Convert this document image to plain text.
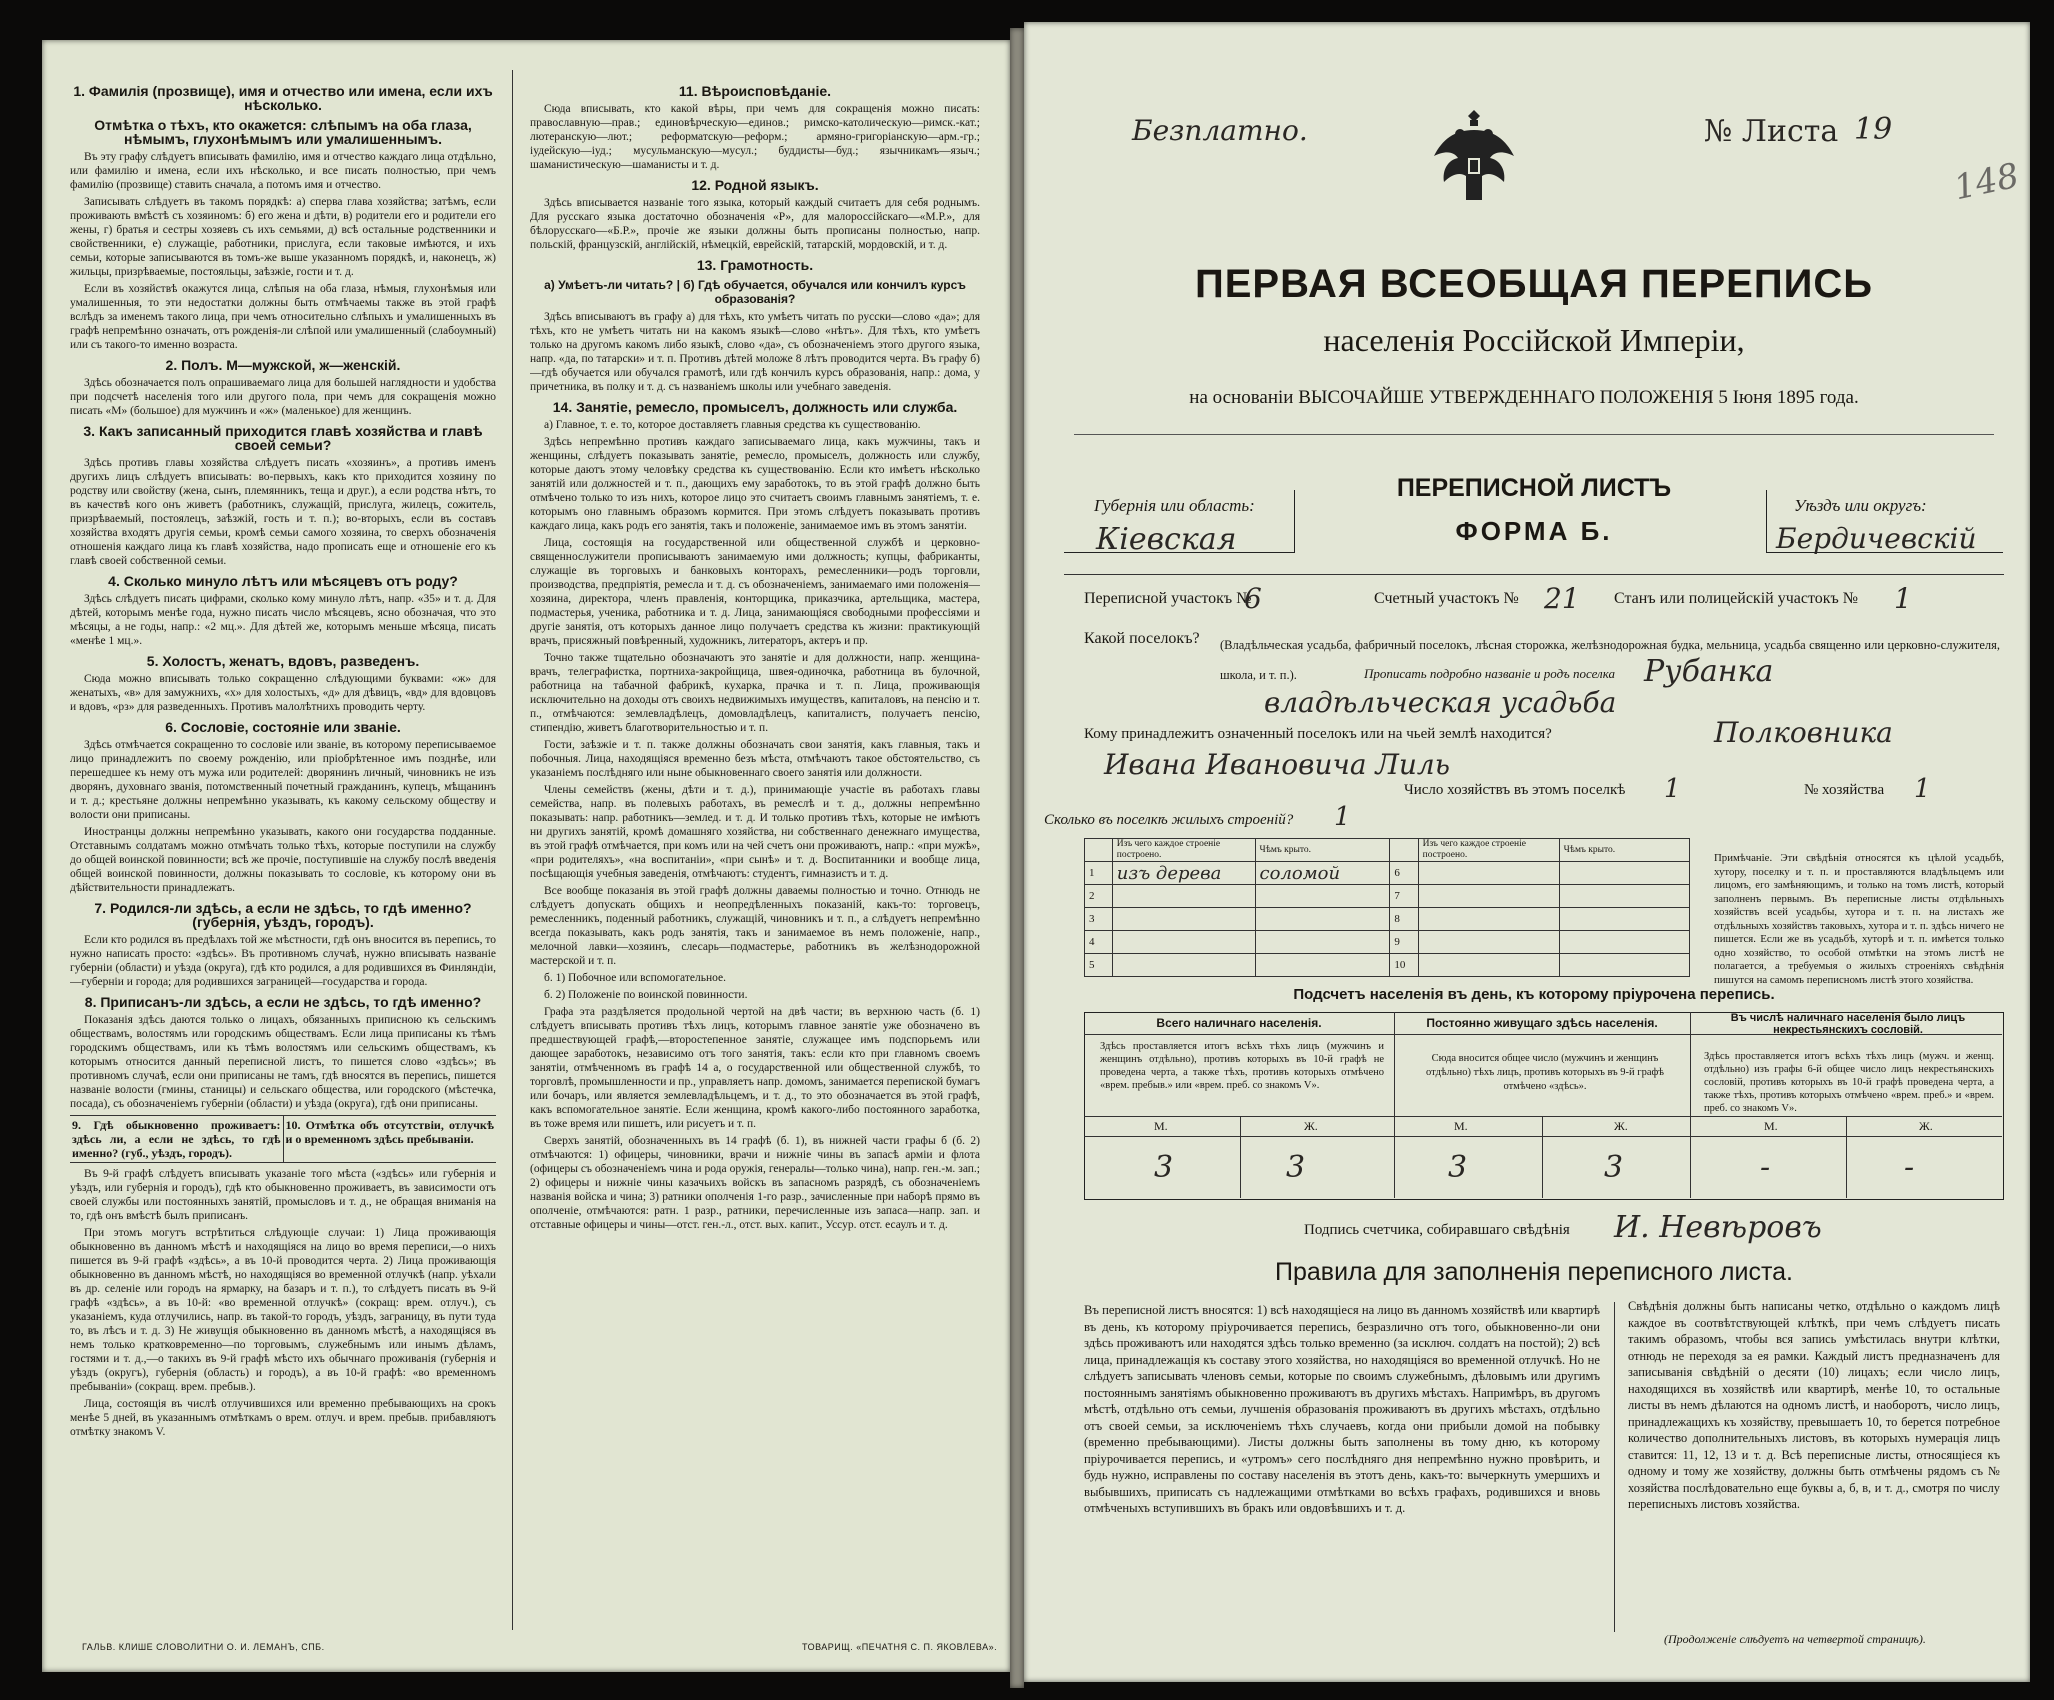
1. Фамилія (прозвище), имя и отчество или имена, если ихъ нѣсколько.
Отмѣтка о тѣхъ, кто окажется: слѣпымъ на оба глаза, нѣмымъ, глухонѣмымъ или умалишеннымъ.

Въ эту графу слѣдуетъ вписывать фамилію, имя и отчество каждаго лица отдѣльно, или фамилію и имена, если ихъ нѣсколько, и все писать полностью, при чемъ фамилію (прозвище) ставить сначала, а потомъ имя и отчество.

Записывать слѣдуетъ въ такомъ порядкѣ: а) сперва глава хозяйства; затѣмъ, если проживають вмѣстѣ съ хозяиномъ: б) его жена и дѣти, в) родители его и родители его жены, г) братья и сестры хозяевъ съ ихъ семьями, д) всѣ остальные родственники и свойственники, е) служащіе, работники, прислуга, если таковые имѣются, и ихъ семьи, которые записываются въ томъ-же выше указанномъ порядкѣ, и, наконецъ, ж) жильцы, призрѣваемые, постояльцы, заѣзжіе, гости и т. д.

Если въ хозяйствѣ окажутся лица, слѣпыя на оба глаза, нѣмыя, глухонѣмыя или умалишенныя, то эти недостатки должны быть отмѣчаемы также въ этой графѣ вслѣдъ за именемъ такого лица, при чемъ относительно слѣпыхъ и умалишенныхъ въ графѣ непремѣнно означать, отъ рожденія-ли слѣпой или умалишенный (слабоумный) или съ такого-то именно возраста.

2. Полъ. М—мужской, ж—женскій.

Здѣсь обозначается полъ опрашиваемаго лица для большей наглядности и удобства при подсчетѣ населенія того или другого пола, при чемъ для сокращенія можно писать «М» (большое) для мужчинъ и «ж» (маленькое) для женщинъ.

3. Какъ записанный приходится главѣ хозяйства и главѣ своей семьи?

Здѣсь противъ главы хозяйства слѣдуетъ писать «хозяинъ», а противъ именъ другихъ лицъ слѣдуетъ вписывать: во-первыхъ, какъ кто приходится хозяину по родству или свойству (жена, сынъ, племянникъ, теща и друг.), а если родства нѣтъ, то въ качествѣ кого онъ живетъ (работникъ, служащій, прислуга, жилецъ, сожитель, призрѣваемый, постоялецъ, заѣзжій, гость и т. п.); во-вторыхъ, если въ составъ хозяйства входятъ другія семьи, кромѣ семьи самого хозяина, то сверхъ обозначенія отношенія каждаго лица къ главѣ хозяйства, надо прописать еще и отношеніе его къ главѣ своей собственной семьи.

4. Сколько минуло лѣтъ или мѣсяцевъ отъ роду?

Здѣсь слѣдуетъ писать цифрами, сколько кому минуло лѣтъ, напр. «35» и т. д. Для дѣтей, которымъ менѣе года, нужно писать число мѣсяцевъ, ясно обозначая, что это мѣсяцы, а не годы, напр.: «2 мц.». Для дѣтей же, которымъ меньше мѣсяца, писать «менѣе 1 мц.».

5. Холостъ, женатъ, вдовъ, разведенъ.

Сюда можно вписывать только сокращенно слѣдующими буквами: «ж» для женатыхъ, «в» для замужнихъ, «х» для холостыхъ, «д» для дѣвицъ, «вд» для вдовцовъ и вдовъ, «рз» для разведенныхъ. Противъ малолѣтнихъ проводить черту.

6. Сословіе, состояніе или званіе.

Здѣсь отмѣчается сокращенно то сословіе или званіе, въ которому переписываемое лицо принадлежитъ по своему рожденію, или пріобрѣтенное имъ позднѣе, или перешедшее къ нему отъ мужа или родителей: дворянинъ личный, чиновникъ не изъ дворянъ, духовнаго званія, потомственный почетный гражданинъ, купецъ, мѣщанинъ и т. д.; крестьяне должны непремѣнно указывать, къ какому сельскому обществу и волости они приписаны.

Иностранцы должны непремѣнно указывать, какого они государства подданные. Отставнымъ солдатамъ можно отмѣчать только тѣхъ, которые поступили на службу до общей воинской повинности; всѣ же прочіе, поступившіе на службу послѣ введенія общей воинской повинности, должны показывать то сословіе, къ которому они въ дѣйствительности принадлежатъ.

7. Родился-ли здѣсь, а если не здѣсь, то гдѣ именно? (губернія, уѣздъ, городъ).

Если кто родился въ предѣлахъ той же мѣстности, гдѣ онъ вносится въ перепись, то нужно написать просто: «здѣсь». Въ противномъ случаѣ, нужно вписывать названіе губерніи (области) и уѣзда (округа), гдѣ кто родился, а для родившихся въ Финляндіи,—губерніи и города; для родившихся заграницей—государства и города.

8. Приписанъ-ли здѣсь, а если не здѣсь, то гдѣ именно?

Показанія здѣсь даются только о лицахъ, обязанныхъ приписною къ сельскимъ обществамъ, волостямъ или городскимъ обществамъ. Если лица приписаны къ тѣмъ городскимъ обществамъ, или къ тѣмъ волостямъ или сельскимъ обществамъ, къ которымъ относится данный переписной листъ, то пишется слово «здѣсь»; въ противномъ случаѣ, если они приписаны не тамъ, гдѣ вносятся въ перепись, пишется названіе волости (гмины, станицы) и сельскаго общества, или городского (мѣстечка, посада), съ обозначеніемъ губерніи (области) и уѣзда (округа), гдѣ они приписаны.

9. Гдѣ обыкновенно проживаетъ: здѣсь ли, а если не здѣсь, то гдѣ именно? (губ., уѣздъ, городъ).
10. Отмѣтка объ отсутствіи, отлучкѣ и о временномъ здѣсь пребываніи.

Въ 9-й графѣ слѣдуетъ вписывать указаніе того мѣста («здѣсь» или губернія и уѣздъ, или губернія и городъ), гдѣ кто обыкновенно проживаетъ, въ зависимости отъ своей службы или постоянныхъ занятій, промысловъ и т. д., не обращая вниманія на то, гдѣ онъ вмѣстѣ былъ приписанъ.

При этомъ могутъ встрѣтиться слѣдующіе случаи: 1) Лица проживающія обыкновенно въ данномъ мѣстѣ и находящіяся на лицо во время переписи,—о нихъ пишется въ 9-й графѣ «здѣсь», а въ 10-й проводится черта. 2) Лица проживающія обыкновенно въ данномъ мѣстѣ, но находящіяся во временной отлучкѣ (напр. уѣхали въ др. селеніе или городъ на ярмарку, на базаръ и т. п.), то слѣдуетъ писать въ 9-й графѣ «здѣсь», а въ 10-й: «во временной отлучкѣ» (сокращ: врем. отлуч.), съ указаніемъ, куда отлучились, напр. въ такой-то городъ, уѣздъ, заграницу, въ пути туда то, въ лѣсъ и т. д. 3) Не живущія обыкновенно въ данномъ мѣстѣ, а находящіяся въ немъ только кратковременно—по торговымъ, служебнымъ или инымъ дѣламъ, гостями и т. д.,—о такихъ въ 9-й графѣ мѣсто ихъ обычнаго проживанія (губернія и уѣздъ (округъ), губернія (область) и городъ), а въ 10-й графѣ: «во временномъ пребываніи» (сокращ. врем. пребыв.).

Лица, состоящія въ числѣ отлучившихся или временно пребывающихъ на срокъ менѣе 5 дней, въ указаннымъ отмѣткамъ о врем. отлуч. и врем. пребыв. прибавляютъ отмѣтку знакомъ V.

11. Вѣроисповѣданіе.

Сюда вписывать, кто какой вѣры, при чемъ для сокращенія можно писать: православную—прав.; единовѣрческую—единов.; римско-католическую—римск.-кат.; лютеранскую—лют.; реформатскую—реформ.; армяно-григоріанскую—арм.-гр.; іудейскую—іуд.; мусульманскую—мусул.; буддисты—буд.; язычникамъ—языч.; шаманистическую—шаманисты и т. д.

12. Родной языкъ.

Здѣсь вписывается названіе того языка, который каждый считаетъ для себя роднымъ. Для русскаго языка достаточно обозначенія «Р», для малороссійскаго—«М.Р.», для бѣлорусскаго—«Б.Р.», прочіе же языки должны быть прописаны полностью, напр. польскій, французскій, англійскій, нѣмецкій, еврейскій, татарскій, мордовскій, и т. д.

13. Грамотность.
а) Умѣетъ-ли читать? | б) Гдѣ обучается, обучался или кончилъ курсъ образованія?

Здѣсь вписываютъ въ графу а) для тѣхъ, кто умѣетъ читать по русски—слово «да»; для тѣхъ, кто не умѣетъ читать ни на какомъ языкѣ—слово «нѣтъ». Для тѣхъ, кто умѣетъ только на другомъ какомъ либо языкѣ, слово «да», съ обозначеніемъ этого другого языка, напр. «да, по татарски» и т. п. Противъ дѣтей моложе 8 лѣтъ проводится черта. Въ графу б)—гдѣ обучается или обучался грамотѣ, или гдѣ кончилъ курсъ образованія, напр.: дома, у причетника, въ полку и т. д. съ названіемъ школы или учебнаго заведенія.

14. Занятіе, ремесло, промыселъ, должность или служба.

а) Главное, т. е. то, которое доставляетъ главныя средства къ существованію.

Здѣсь непремѣнно противъ каждаго записываемаго лица, какъ мужчины, такъ и женщины, слѣдуетъ показывать занятіе, ремесло, промыселъ, должность или службу, которые даютъ этому человѣку средства къ существованію. Если кто имѣетъ нѣсколько занятій или должностей и т. п., дающихъ ему заработокъ, то въ этой графѣ должно быть отмѣчено только то изъ нихъ, которое лицо это считаетъ своимъ главнымъ занятіемъ, т. е. которымъ оно главнымъ образомъ кормится. При этомъ слѣдуетъ показывать противъ каждаго лица, какъ родъ его занятія, такъ и положеніе, занимаемое имъ въ этомъ занятіи.

Лица, состоящія на государственной или общественной службѣ и церковно-священнослужители прописываютъ занимаемую ими должность; купцы, фабриканты, служащіе въ торговыхъ и банковыхъ конторахъ, ремесленники—родъ торговли, производства, предпріятія, ремесла и т. д. съ обозначеніемъ, занимаемаго ими положенія—хозяина, директора, членъ правленія, конторщика, приказчика, артельщика, мастера, подмастерья, ученика, работника и т. д. Лица, занимающіяся свободными профессіями и другіе занятія, отъ которыхъ данное лицо получаетъ средства къ жизни: практикующій врачъ, присяжный повѣренный, художникъ, литераторъ, актеръ и пр.

Точно также тщательно обозначаютъ это занятіе и для должности, напр. женщина-врачъ, телеграфистка, портниха-закройщица, швея-одиночка, работница въ булочной, работница на табачной фабрикѣ, кухарка, прачка и т. п. Лица, проживающія исключительно на доходы отъ своихъ недвижимыхъ имуществъ, капиталовъ, на пенсію и т. п., отмѣчаются: землевладѣлецъ, домовладѣлецъ, капиталистъ, получаетъ пенсію, стипендію, живетъ благотворительностью и т. п.

Гости, заѣзжіе и т. п. также должны обозначать свои занятія, какъ главныя, такъ и побочныя. Лица, находящіяся временно безъ мѣста, отмѣчаютъ такое обстоятельство, съ указаніемъ послѣдняго или ныне обыкновеннаго своего занятія или должности.

Члены семействъ (жены, дѣти и т. д.), принимающіе участіе въ работахъ главы семейства, напр. въ полевыхъ работахъ, въ ремеслѣ и т. д., должны непремѣнно показывать: напр. работникъ—землед. и т. д. И только противъ тѣхъ, которые не имѣютъ ни другихъ занятій, кромѣ домашняго хозяйства, ни собственнаго денежнаго имущества, въ этой графѣ отмѣчается, при комъ или на чей счетъ они проживаютъ, напр.: «при мужѣ», «при родителяхъ», «на воспитаніи», «при сынѣ» и т. д. Воспитанники и вообще лица, посѣщающія учебныя заведенія, отмѣчаютъ: студентъ, гимназистъ и т. д.

Все вообще показанія въ этой графѣ должны даваемы полностью и точно. Отнюдь не слѣдуетъ допускать общихъ и неопредѣленныхъ показаній, какъ-то: торговецъ, ремесленникъ, поденный работникъ, служащій, чиновникъ и т. п., а слѣдуетъ непремѣнно всегда показывать, какъ родъ занятія, такъ и занимаемое въ немъ положеніе, напр., мелочной лавки—хозяинъ, слесарь—подмастерье, работникъ въ желѣзнодорожной мастерской и т. п.

б. 1) Побочное или вспомогательное.

б. 2) Положеніе по воинской повинности.

Графа эта раздѣляется продольной чертой на двѣ части; въ верхнюю часть (б. 1) слѣдуетъ вписывать противъ тѣхъ лицъ, которымъ главное занятіе уже обозначено въ предшествующей графѣ,—второстепенное занятіе, служащее имъ подспорьемъ или дающее заработокъ, независимо отъ того занятія, такъ: если кто при главномъ своемъ занятіи, отмѣченномъ въ графѣ 14 а, о государственной или общественной службѣ, то торговлѣ, промышленности и пр., управляетъ напр. домомъ, занимается перепиской бумагъ или бочаръ, или является землевладѣльцемъ, и т. д., то это обозначается въ этой графѣ, какъ вспомогательное занятіе. Если женщина, кромѣ какого-либо постоянного заработка, въ тоже время или пишетъ, или рисуетъ и т. п.

Сверхъ занятій, обозначенныхъ въ 14 графѣ (б. 1), въ нижней части графы б (б. 2) отмѣчаются: 1) офицеры, чиновники, врачи и нижніе чины въ запасѣ арміи и флота (офицеры съ обозначеніемъ чина и рода оружія, генералы—только чина), напр. ген.-м. зап.; 2) офицеры и нижніе чины казачьихъ войскъ въ запасномъ разрядѣ, съ обозначеніемъ названія войска и чина; 3) ратники ополченія 1-го разр., зачисленные при наборѣ прямо въ ополченіе, отмѣчаются: ратн. 1 разр., ратники, перечисленные изъ запаса—напр. зап. и отставные офицеры и чины—отст. ген.-л., отст. вых. капит., Уссур. отст. есаулъ и т. д.

ГАЛЬВ. КЛИШЕ СЛОВОЛИТНИ О. И. ЛЕМАНЪ, СПБ.	ТОВАРИЩ. «ПЕЧАТНЯ С. П. ЯКОВЛЕВА».
Безплатно.	№ Листа 19
148
ПЕРВАЯ ВСЕОБЩАЯ ПЕРЕПИСЬ
населенія Россійской Имперіи,
на основаніи ВЫСОЧАЙШЕ УТВЕРЖДЕННАГО ПОЛОЖЕНІЯ 5 Іюня 1895 года.
Губернія или область:
Кіевская
ПЕРЕПИСНОЙ ЛИСТЪ
ФОРМА Б.
Уѣздъ или округъ:
Бердичевскій
Переписной участокъ №
6	Счетный участокъ № 21 Станъ или полицейскій участокъ № 1
Какой поселокъ? (Владѣльческая усадьба, фабричный поселокъ, лѣсная сторожка, желѣзнодорожная будка, мельница, усадьба священно или церковно-служителя, школа, и т. п.).	Прописать подробно названіе и родъ поселка Рубанка
владѣльческая усадьба
Кому принадлежитъ означенный поселокъ или на чьей землѣ находится?	Полковника
Ивана Ивановича Лиль
Число хозяйствъ въ этомъ поселкѣ 1	№ хозяйства 1
Сколько въ поселкѣ жилыхъ строеній? 1
	Изъ чего каждое строеніе построено.	Чѣмъ крыто.		Изъ чего каждое строеніе построено.	Чѣмъ крыто.
1	изъ дерева	соломой	6		
2			7		
3			8		
4			9		
5			10		
Примѣчаніе. Эти свѣдѣнія относятся къ цѣлой усадьбѣ, хутору, поселку и т. п. и проставляются владѣльцемъ или лицомъ, его замѣняющимъ, и только на томъ листѣ, который заполненъ первымъ. Въ переписные листы отдѣльныхъ хозяйствъ всей усадьбы, хутора и т. п. на листахъ же отдѣльныхъ хозяйствъ таковыхъ, хутора и т. п. здѣсь ничего не пишется. Если же въ усадьбѣ, хуторѣ и т. п. имѣется только одно хозяйство, то особой отмѣтки на этомъ листѣ не полагается, а требуемыя о жилыхъ строеніяхъ свѣдѣнія пишутся на самомъ переписномъ листѣ этого хозяйства.
Подсчетъ населенія въ день, къ которому пріурочена перепись.
Всего наличнаго населенія.	Постоянно живущаго здѣсь населенія.	Въ числѣ наличнаго населенія было лицъ некрестьянскихъ сословій.
Здѣсь проставляется итогъ всѣхъ тѣхъ лицъ (мужчинъ и женщинъ отдѣльно), противъ которыхъ въ 10-й графѣ не проведена черта, а также тѣхъ, противъ которыхъ отмѣчено «врем. пребыв.» или «врем. преб. со знакомъ V».
Сюда вносится общее число (мужчинъ и женщинъ отдѣльно) тѣхъ лицъ, противъ которыхъ въ 9-й графѣ отмѣчено «здѣсь».
Здѣсь проставляется итогъ всѣхъ тѣхъ лицъ (мужч. и женщ. отдѣльно) изъ графы 6-й общее число лицъ некрестьянскихъ сословій, противъ которыхъ въ 10-й графѣ проведена черта, а также тѣхъ, противъ которыхъ отмѣчено «врем. преб.» и «врем. преб. со знакомъ V».
М.	Ж.	М.	Ж.	М.	Ж.
3	3	3	3	-	-
Подпись счетчика, собиравшаго свѣдѣнія И. Невѣровъ
Правила для заполненія переписного листа.
Въ переписной листъ вносятся: 1) всѣ находящіеся на лицо въ данномъ хозяйствѣ или квартирѣ въ день, къ которому пріурочивается перепись, безразлично отъ того, обыкновенно-ли они здѣсь проживаютъ или находятся здѣсь только временно (за исключ. солдатъ на постой); 2) всѣ лица, принадлежащія къ составу этого хозяйства, но находящіяся во временной отлучкѣ. Но не слѣдуетъ записывать членовъ семьи, которые по своимъ служебнымъ, дѣловымъ или другимъ постояннымъ занятіямъ обыкновенно проживаютъ въ другихъ мѣстахъ. Напримѣръ, въ другомъ мѣстѣ, отдѣльно отъ семьи, лучшенія образованія проживаютъ въ другихъ мѣстахъ, отдѣльно отъ своей семьи, за исключеніемъ тѣхъ случаевъ, когда они прибыли домой на побывку (временно пребывающими). Листы должны быть заполнены въ тому дню, къ которому пріурочивается перепись, и «утромъ» сего послѣдняго дня непремѣнно нужно провѣрить, и будь нужно, исправлены по составу населенія въ этотъ день, какъ-то: вычеркнуть умершихъ и выбывшихъ, приписать съ надлежащими отмѣтками во всѣхъ графахъ, родившихся и вновь отмѣченыхъ вступившихъ въ бракъ или овдовѣвшихъ и т. д.
Свѣдѣнія должны быть написаны четко, отдѣльно о каждомъ лицѣ каждое въ соотвѣтствующей клѣткѣ, при чемъ слѣдуетъ писать такимъ образомъ, чтобы вся запись умѣстилась внутри клѣтки, отнюдь не переходя за ея рамки. Каждый листъ предназначенъ для записыванія свѣдѣній о десяти (10) лицахъ; если число лицъ, находящихся въ хозяйствѣ или квартирѣ, менѣе 10, то остальные листы въ немъ дѣлаются на одномъ листѣ, и наоборотъ, число лицъ, принадлежащихъ къ хозяйству, превышаетъ 10, то берется потребное количество дополнительныхъ листовъ, въ которыхъ нумерація лицъ ставится: 11, 12, 13 и т. д. Всѣ переписные листы, относящіеся къ одному и тому же хозяйству, должны быть отмѣчены рядомъ съ № хозяйства послѣдовательно еще буквы а, б, в, и т. д., смотря по числу переписныхъ листовъ хозяйства.
(Продолженіе слѣдуетъ на четвертой страницѣ).
